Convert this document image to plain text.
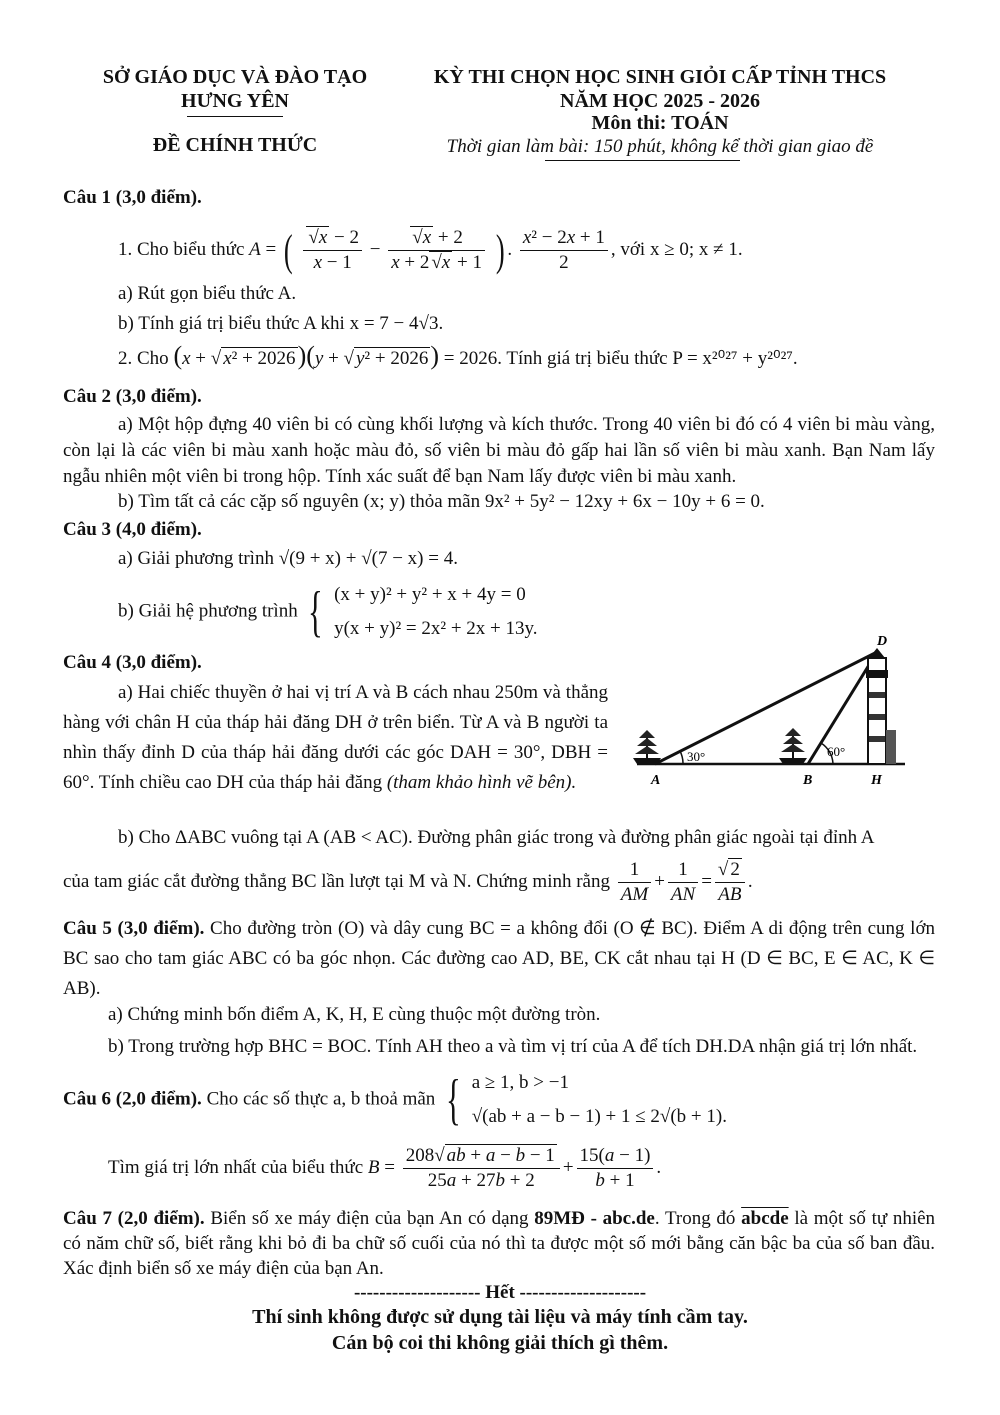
SỞ GIÁO DỤC VÀ ĐÀO TẠO
HƯNG YÊN
ĐỀ CHÍNH THỨC
KỲ THI CHỌN HỌC SINH GIỎI CẤP TỈNH THCS
NĂM HỌC 2025 - 2026
Môn thi: TOÁN
Thời gian làm bài: 150 phút, không kể thời gian giao đề
Câu 1 (3,0 điểm).
1. Cho biểu thức A = ( $\frac{√x - 2}{x - 1} - \frac{√x + 2}{x + 2 √x + 1}$ ) . $\frac{\text{x² − 2x + 1}}{2}$ , với x ≥ 0; x ≠ 1.
a) Rút gọn biểu thức A.
b) Tính giá trị biểu thức A khi x = 7 − 4√3.
2. Cho (x + √ x² + 2026)(y + √ y² + 2026) = 2026. Tính giá trị biểu thức P = x²⁰²⁷ + y²⁰²⁷.
Câu 2 (3,0 điểm).
a) Một hộp đựng 40 viên bi có cùng khối lượng và kích thước. Trong 40 viên bi đó có 4 viên bi màu vàng, còn lại là các viên bi màu xanh hoặc màu đỏ, số viên bi màu đỏ gấp hai lần số viên bi màu xanh. Bạn Nam lấy ngẫu nhiên một viên bi trong hộp. Tính xác suất để bạn Nam lấy được viên bi màu xanh.
b) Tìm tất cả các cặp số nguyên (x; y) thỏa mãn 9x² + 5y² − 12xy + 6x − 10y + 6 = 0.
Câu 3 (4,0 điểm).
a) Giải phương trình √(9 + x) + √(7 − x) = 4.
b) Giải hệ phương trình { (x + y)² + y² + x + 4y = 0
y(x + y)² = 2x² + 2x + 13y.
Câu 4 (3,0 điểm).
a) Hai chiếc thuyền ở hai vị trí A và B cách nhau 250m và thẳng hàng với chân H của tháp hải đăng DH ở trên biển. Từ A và B người ta nhìn thấy đỉnh D của tháp hải đăng dưới các góc DAH = 30°, DBH = 60°. Tính chiều cao DH của tháp hải đăng (tham khảo hình vẽ bên).
30°	60°
D
A	B	H
b) Cho ΔABC vuông tại A (AB < AC). Đường phân giác trong và đường phân giác ngoài tại đỉnh A
của tam giác cắt đường thẳng BC lần lượt tại M và N. Chứng minh rằng $\frac{1}{AM} + \frac{1}{AN} = \frac{√ 2}{AB}$ .
Câu 5 (3,0 điểm). Cho đường tròn (O) và dây cung BC = a không đổi (O ∉ BC). Điểm A di động trên cung lớn BC sao cho tam giác ABC có ba góc nhọn. Các đường cao AD, BE, CK cắt nhau tại H (D ∈ BC, E ∈ AC, K ∈ AB).
a) Chứng minh bốn điểm A, K, H, E cùng thuộc một đường tròn.
b) Trong trường hợp BHC = BOC. Tính AH theo a và tìm vị trí của A để tích DH.DA nhận giá trị lớn nhất.
Câu 6 (2,0 điểm). Cho các số thực a, b thoả mãn { a ≥ 1, b > −1
√(ab + a − b − 1) + 1 ≤ 2√(b + 1).
Tìm giá trị lớn nhất của biểu thức $B = \frac{208√ ab + a - b - 1}{25a + 27b + 2} + \frac{15(a - 1)}{b + 1}$ .
Câu 7 (2,0 điểm). Biển số xe máy điện của bạn An có dạng 89MĐ - abc.de. Trong đó abcde là một số tự nhiên có năm chữ số, biết rằng khi bỏ đi ba chữ số cuối của nó thì ta được một số mới bằng căn bậc ba của số ban đầu. Xác định biển số xe máy điện của bạn An.
-------------------- Hết --------------------
Thí sinh không được sử dụng tài liệu và máy tính cầm tay.
Cán bộ coi thi không giải thích gì thêm.
